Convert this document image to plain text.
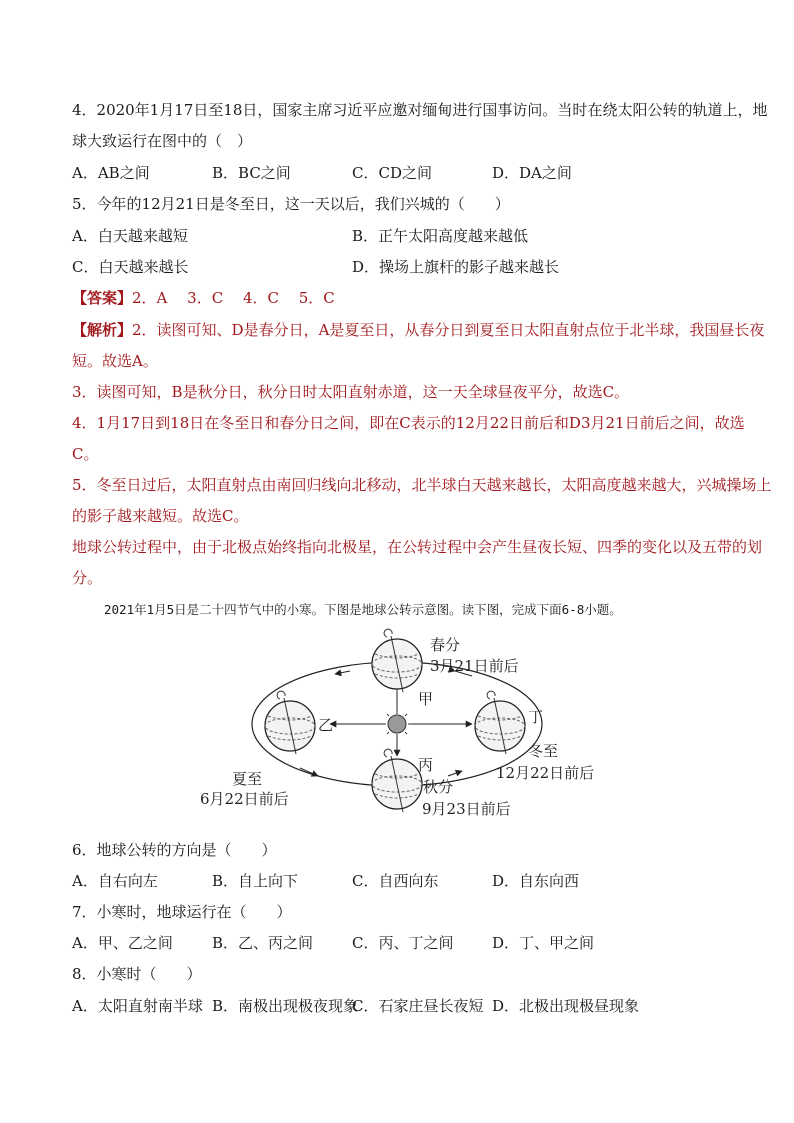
4．2020年1月17日至18日，国家主席习近平应邀对缅甸进行国事访问。当时在绕太阳公转的轨道上，地
球大致运行在图中的（　）
A．AB之间	B．BC之间	C．CD之间	D．DA之间
5．今年的12月21日是冬至日，这一天以后，我们兴城的（　　）
A．白天越来越短	B．正午太阳高度越来越低
C．白天越来越长	D．操场上旗杆的影子越来越长
【答案】2．A　 3．C　 4．C　 5．C
【解析】2．读图可知、D是春分日，A是夏至日，从春分日到夏至日太阳直射点位于北半球，我国昼长夜
短。故选A。
3．读图可知，B是秋分日，秋分日时太阳直射赤道，这一天全球昼夜平分，故选C。
4．1月17日到18日在冬至日和春分日之间，即在C表示的12月22日前后和D3月21日前后之间，故选
C。
5．冬至日过后，太阳直射点由南回归线向北移动，北半球白天越来越长，太阳高度越来越大，兴城操场上
的影子越来越短。故选C。
地球公转过程中，由于北极点始终指向北极星，在公转过程中会产生昼夜长短、四季的变化以及五带的划
分。
2021年1月5日是二十四节气中的小寒。下图是地球公转示意图。读下图，完成下面6-8小题。
春分
3月21日前后
甲
乙
夏至
6月22日前后
丁
冬至
12月22日前后
丙
秋分
9月23日前后
6．地球公转的方向是（　　）
A．自右向左	B．自上向下	C．自西向东	D．自东向西
7．小寒时，地球运行在（　　）
A．甲、乙之间	B．乙、丙之间	C．丙、丁之间	D．丁、甲之间
8．小寒时（　　）
A．太阳直射南半球 B．南极出现极夜现象
C．石家庄昼长夜短 D．北极出现极昼现象
